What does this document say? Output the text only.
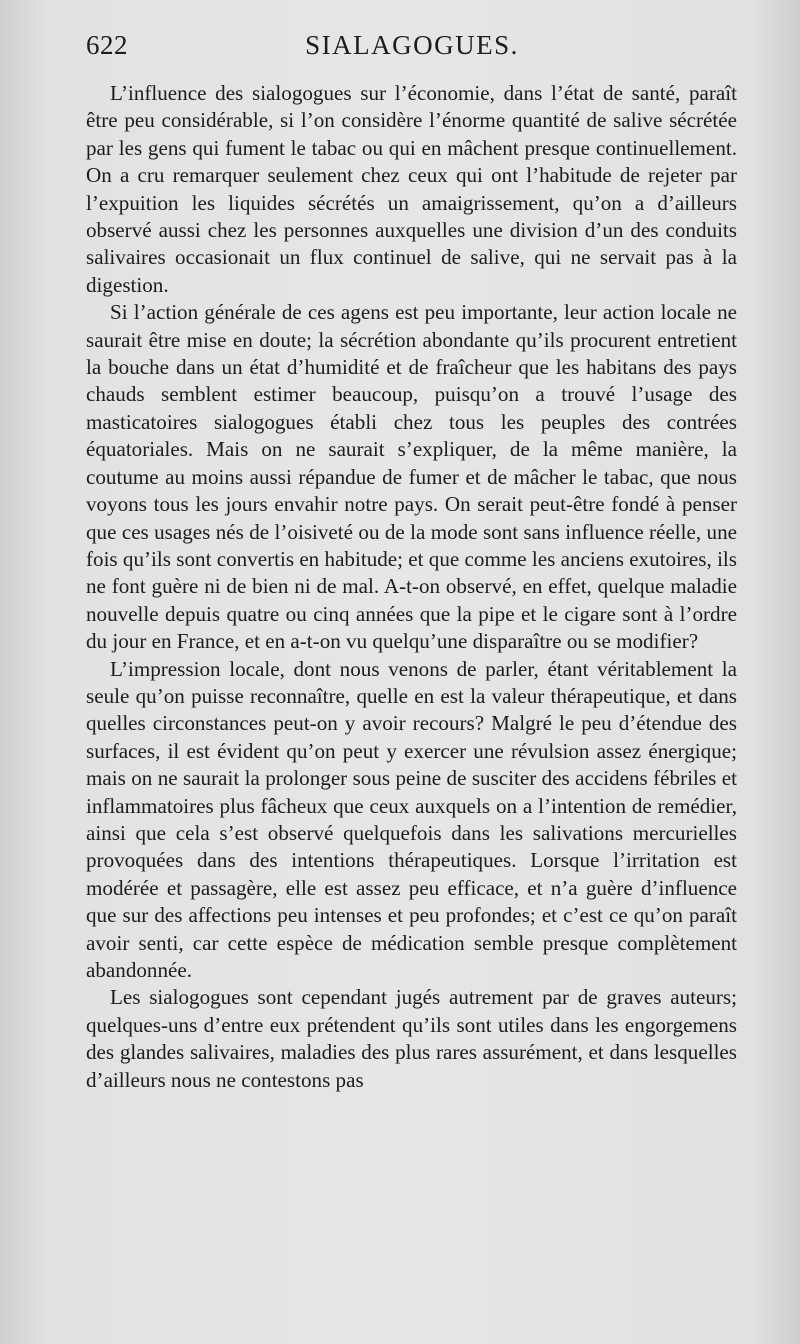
622	SIALAGOGUES.

L’influence des sialogogues sur l’économie, dans l’état de santé, paraît être peu considérable, si l’on considère l’énorme quantité de salive sécrétée par les gens qui fument le tabac ou qui en mâchent presque continuellement. On a cru remarquer seulement chez ceux qui ont l’habitude de rejeter par l’expuition les liquides sécrétés un amaigrissement, qu’on a d’ailleurs observé aussi chez les personnes auxquelles une division d’un des conduits salivaires occasionait un flux continuel de salive, qui ne servait pas à la digestion.

Si l’action générale de ces agens est peu importante, leur action locale ne saurait être mise en doute; la sécrétion abondante qu’ils procurent entretient la bouche dans un état d’humidité et de fraîcheur que les habitans des pays chauds semblent estimer beaucoup, puisqu’on a trouvé l’usage des masticatoires sialogogues établi chez tous les peuples des contrées équatoriales. Mais on ne saurait s’expliquer, de la même manière, la coutume au moins aussi répandue de fumer et de mâcher le tabac, que nous voyons tous les jours envahir notre pays. On serait peut-être fondé à penser que ces usages nés de l’oisiveté ou de la mode sont sans influence réelle, une fois qu’ils sont convertis en habitude; et que comme les anciens exutoires, ils ne font guère ni de bien ni de mal. A-t-on observé, en effet, quelque maladie nouvelle depuis quatre ou cinq années que la pipe et le cigare sont à l’ordre du jour en France, et en a-t-on vu quelqu’une disparaître ou se modifier?

L’impression locale, dont nous venons de parler, étant véritablement la seule qu’on puisse reconnaître, quelle en est la valeur thérapeutique, et dans quelles circonstances peut-on y avoir recours? Malgré le peu d’étendue des surfaces, il est évident qu’on peut y exercer une révulsion assez énergique; mais on ne saurait la prolonger sous peine de susciter des accidens fébriles et inflammatoires plus fâcheux que ceux auxquels on a l’intention de remédier, ainsi que cela s’est observé quelquefois dans les salivations mercurielles provoquées dans des intentions thérapeutiques. Lorsque l’irritation est modérée et passagère, elle est assez peu efficace, et n’a guère d’influence que sur des affections peu intenses et peu profondes; et c’est ce qu’on paraît avoir senti, car cette espèce de médication semble presque complètement abandonnée.

Les sialogogues sont cependant jugés autrement par de graves auteurs; quelques-uns d’entre eux prétendent qu’ils sont utiles dans les engorgemens des glandes salivaires, maladies des plus rares assurément, et dans lesquelles d’ailleurs nous ne contestons pas
